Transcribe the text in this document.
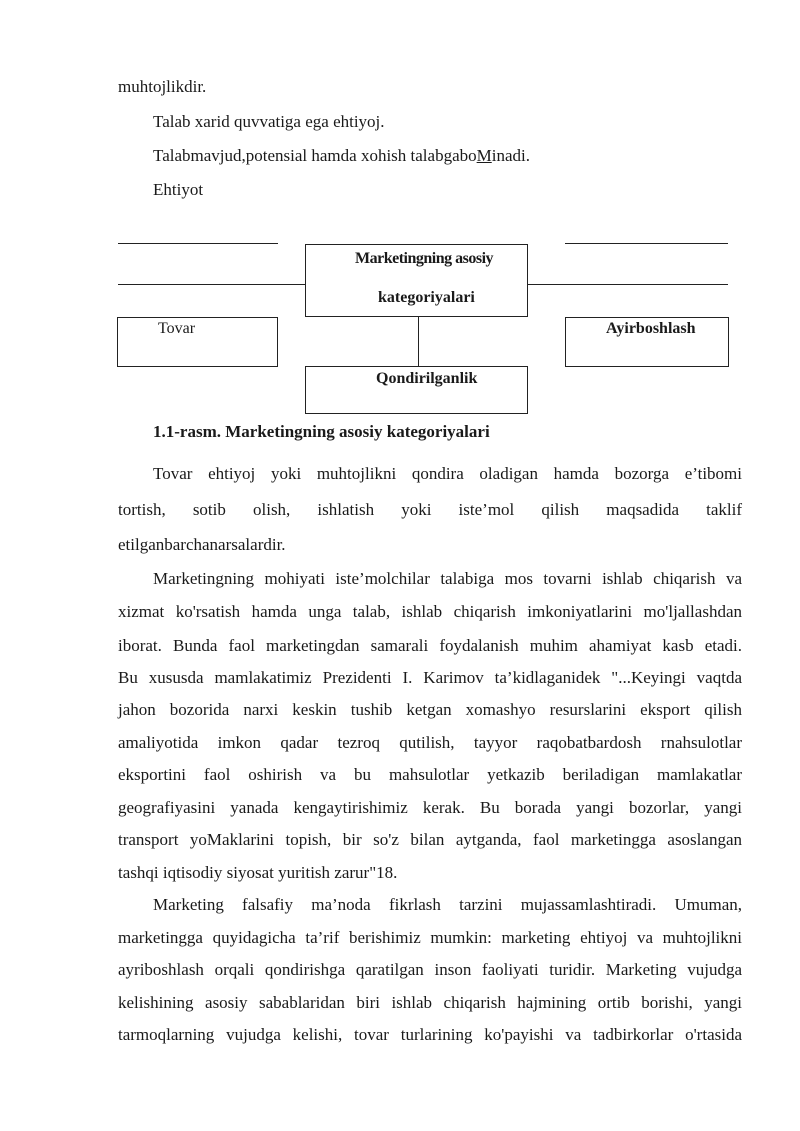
muhtojlikdir.
Talab xarid quvvatiga ega ehtiyoj.
Talabmavjud,potensial hamda xohish talabgaboMinadi.
Ehtiyot
Marketingning asosiy
kategoriyalari
Tovar	Ayirboshlash
Qondirilganlik
1.1-rasm. Marketingning asosiy kategoriyalari
Tovar ehtiyoj yoki muhtojlikni qondira oladigan hamda bozorga e’tibomi
tortish, sotib olish, ishlatish yoki iste’mol qilish maqsadida taklif
etilganbarchanarsalardir.
Marketingning mohiyati iste’molchilar talabiga mos tovarni ishlab chiqarish va
xizmat ko'rsatish hamda unga talab, ishlab chiqarish imkoniyatlarini mo'ljallashdan
iborat. Bunda faol marketingdan samarali foydalanish muhim ahamiyat kasb etadi.
Bu xususda mamlakatimiz Prezidenti I. Karimov ta’kidlaganidek "...Keyingi vaqtda
jahon bozorida narxi keskin tushib ketgan xomashyo resurslarini eksport qilish
amaliyotida imkon qadar tezroq qutilish, tayyor raqobatbardosh rnahsulotlar
eksportini faol oshirish va bu mahsulotlar yetkazib beriladigan mamlakatlar
geografiyasini yanada kengaytirishimiz kerak. Bu borada yangi bozorlar, yangi
transport yoMaklarini topish, bir so'z bilan aytganda, faol marketingga asoslangan
tashqi iqtisodiy siyosat yuritish zarur"18.
Marketing falsafiy ma’noda fikrlash tarzini mujassamlashtiradi. Umuman,
marketingga quyidagicha ta’rif berishimiz mumkin: marketing ehtiyoj va muhtojlikni
ayriboshlash orqali qondirishga qaratilgan inson faoliyati turidir. Marketing vujudga
kelishining asosiy sabablaridan biri ishlab chiqarish hajmining ortib borishi, yangi
tarmoqlarning vujudga kelishi, tovar turlarining ko'payishi va tadbirkorlar o'rtasida
